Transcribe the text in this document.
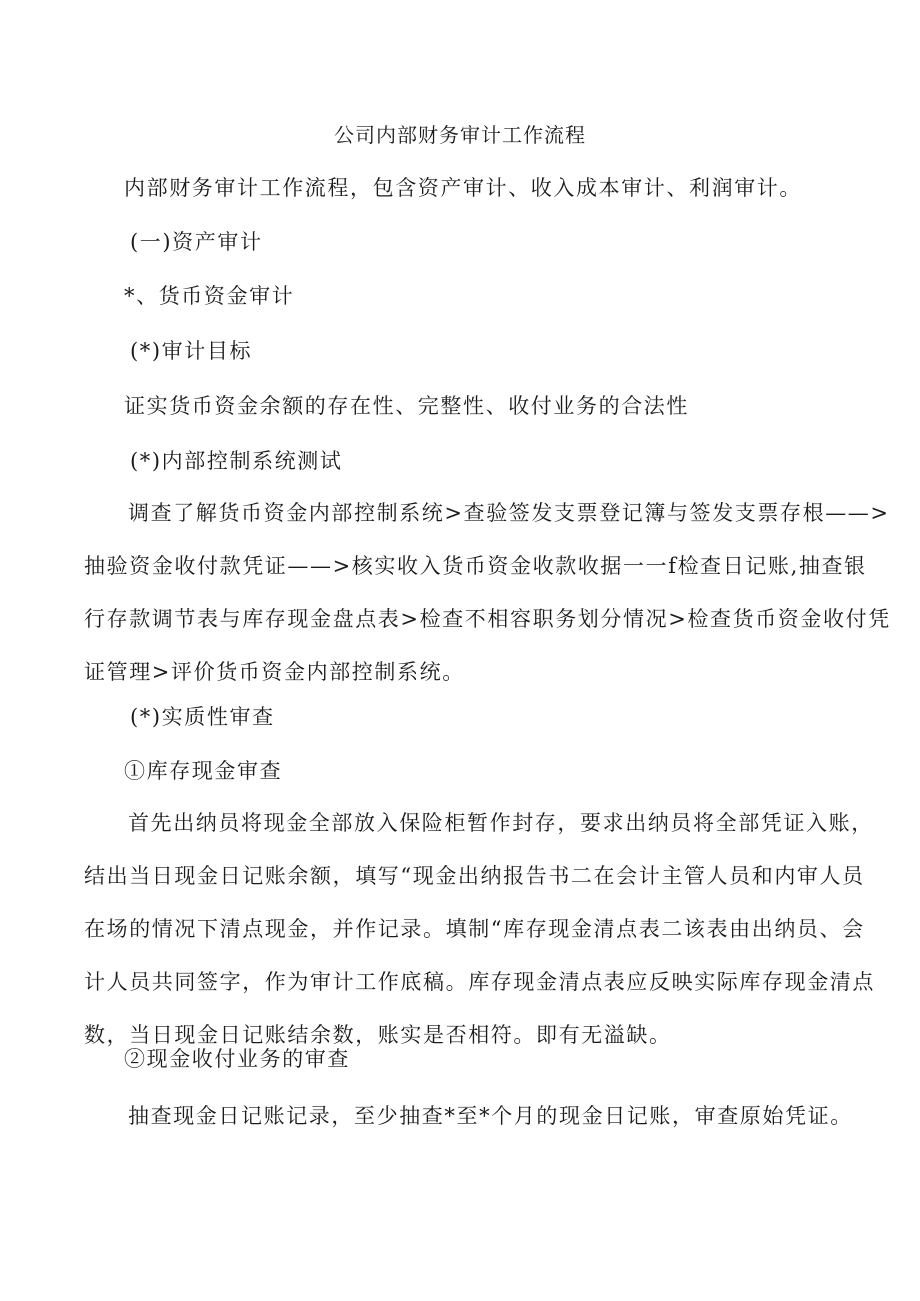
公司内部财务审计工作流程
内部财务审计工作流程，包含资产审计、收入成本审计、利润审计。
(一)资产审计
*、货币资金审计
(*)审计目标
证实货币资金余额的存在性、完整性、收付业务的合法性
(*)内部控制系统测试
调查了解货币资金内部控制系统>查验签发支票登记簿与签发支票存根——>
抽验资金收付款凭证——>核实收入货币资金收款收据一一f检查日记账,抽查银
行存款调节表与库存现金盘点表>检查不相容职务划分情况>检查货币资金收付凭
证管理>评价货币资金内部控制系统。
(*)实质性审查
①库存现金审查
首先出纳员将现金全部放入保险柜暂作封存，要求出纳员将全部凭证入账，
结出当日现金日记账余额，填写“现金出纳报告书二在会计主管人员和内审人员
在场的情况下清点现金，并作记录。填制“库存现金清点表二该表由出纳员、会
计人员共同签字，作为审计工作底稿。库存现金清点表应反映实际库存现金清点
数，当日现金日记账结余数，账实是否相符。即有无溢缺。
②现金收付业务的审查
抽查现金日记账记录，至少抽查*至*个月的现金日记账，审查原始凭证。
